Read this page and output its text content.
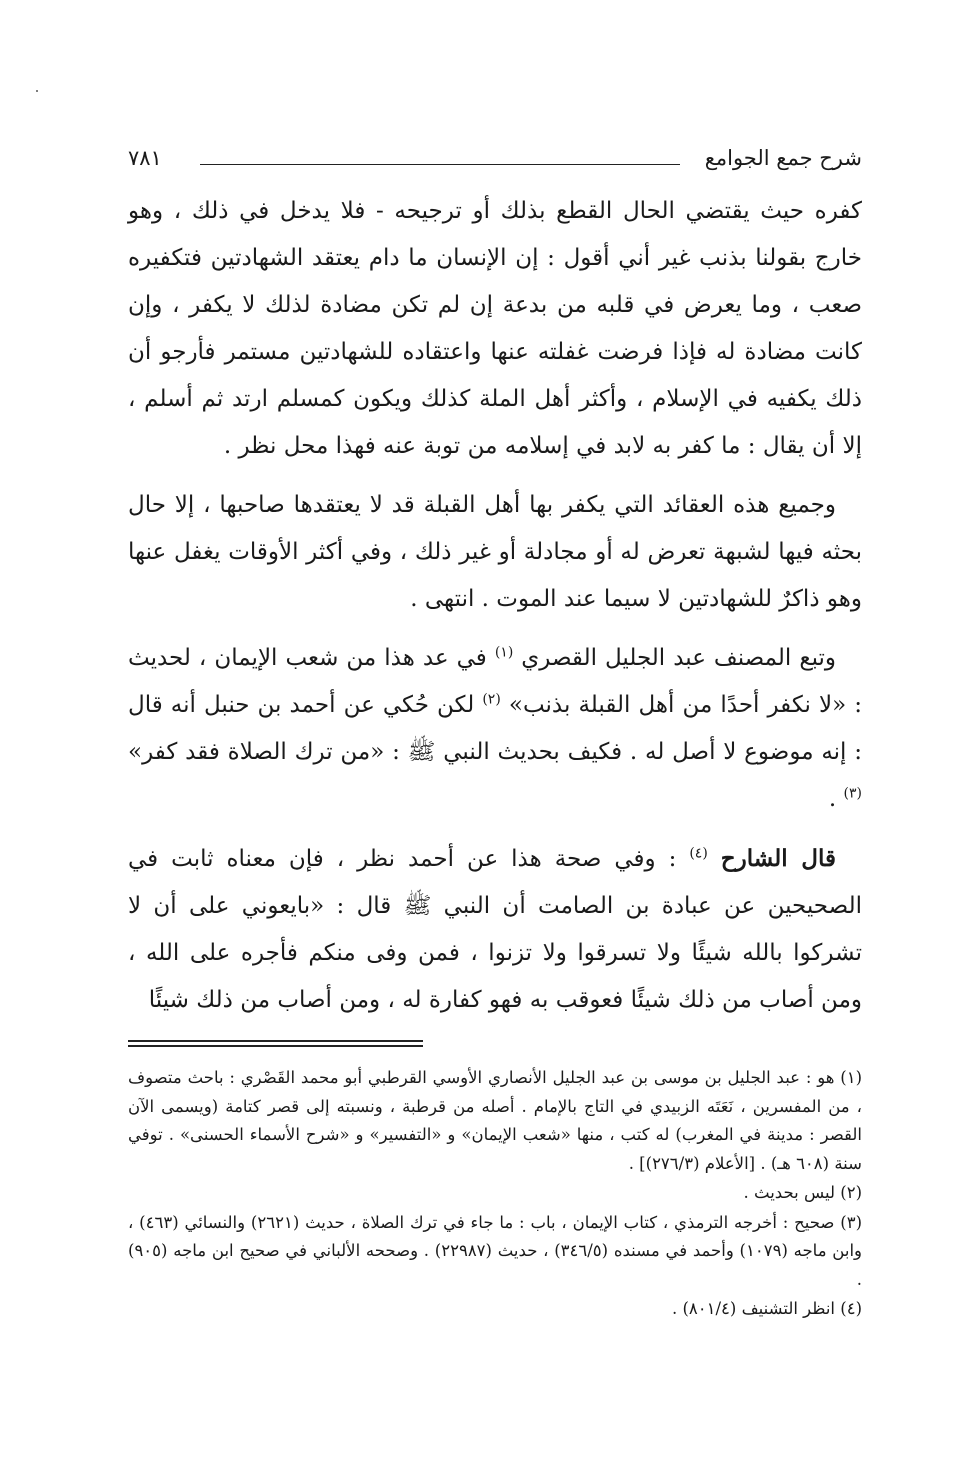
شرح جمع الجوامع
٧٨١

كفره حيث يقتضي الحال القطع بذلك أو ترجيحه - فلا يدخل في ذلك ، وهو خارج بقولنا بذنب غير أني أقول : إن الإنسان ما دام يعتقد الشهادتين فتكفيره صعب ، وما يعرض في قلبه من بدعة إن لم تكن مضادة لذلك لا يكفر ، وإن كانت مضادة له فإذا فرضت غفلته عنها واعتقاده للشهادتين مستمر فأرجو أن ذلك يكفيه في الإسلام ، وأكثر أهل الملة كذلك ويكون كمسلم ارتد ثم أسلم ، إلا أن يقال : ما كفر به لابد في إسلامه من توبة عنه فهذا محل نظر .

وجميع هذه العقائد التي يكفر بها أهل القبلة قد لا يعتقدها صاحبها ، إلا حال بحثه فيها لشبهة تعرض له أو مجادلة أو غير ذلك ، وفي أكثر الأوقات يغفل عنها وهو ذاكرٌ للشهادتين لا سيما عند الموت . انتهى .

وتبع المصنف عبد الجليل القصري $^{(١)}$ في عد هذا من شعب الإيمان ، لحديث : «لا نكفر أحدًا من أهل القبلة بذنب» $^{(٢)}$ لكن حُكي عن أحمد بن حنبل أنه قال : إنه موضوع لا أصل له . فكيف بحديث النبي ﷺ : «من ترك الصلاة فقد كفر» $^{(٣)}$ .

قال الشارح $^{(٤)}$ : وفي صحة هذا عن أحمد نظر ، فإن معناه ثابت في الصحيحين عن عبادة بن الصامت أن النبي ﷺ قال : «بايعوني على أن لا تشركوا بالله شيئًا ولا تسرقوا ولا تزنوا ، فمن وفى منكم فأجره على الله ، ومن أصاب من ذلك شيئًا فعوقب به فهو كفارة له ، ومن أصاب من ذلك شيئًا

(١) هو : عبد الجليل بن موسى بن عبد الجليل الأنصاري الأوسي القرطبي أبو محمد القَصْري : باحث متصوف ، من المفسرين ، نَعَتَه الزبيدي في التاج بالإمام . أصله من قرطبة ، ونسبته إلى قصر كتامة (ويسمى الآن القصر : مدينة في المغرب) له كتب ، منها «شعب الإيمان» و «التفسير» و «شرح الأسماء الحسنى» . توفي سنة (٦٠٨ هـ) . [الأعلام (٢٧٦/٣)] .

(٢) ليس بحديث .

(٣) صحيح : أخرجه الترمذي ، كتاب الإيمان ، باب : ما جاء في ترك الصلاة ، حديث (٢٦٢١) والنسائي (٤٦٣) ، وابن ماجه (١٠٧٩) وأحمد في مسنده (٣٤٦/٥) ، حديث (٢٢٩٨٧) . وصححه الألباني في صحيح ابن ماجه (٩٠٥) .

(٤) انظر التشنيف (٨٠١/٤) .
